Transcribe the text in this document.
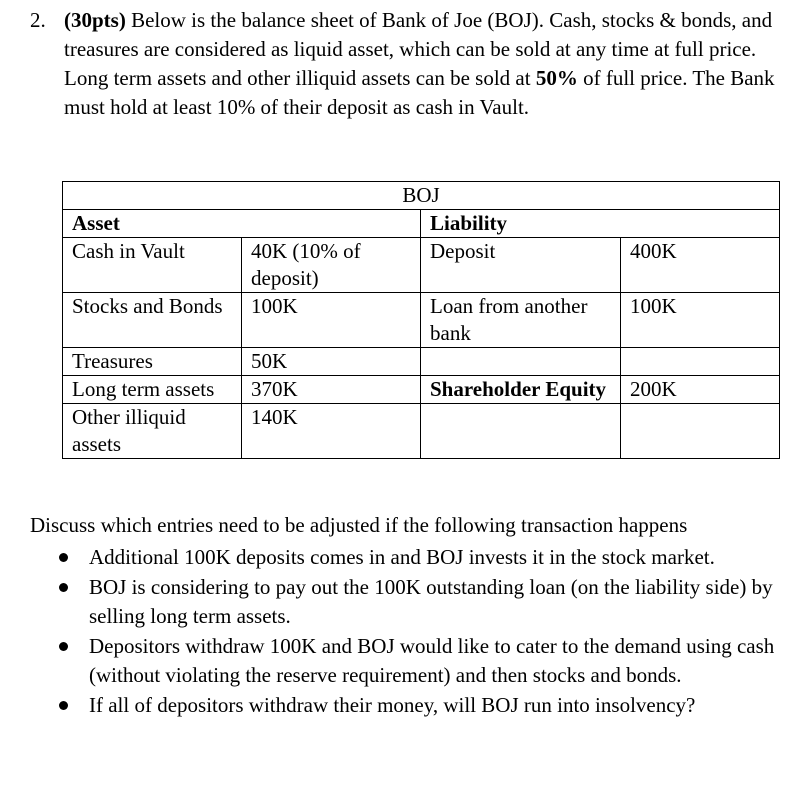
2. (30pts) Below is the balance sheet of Bank of Joe (BOJ). Cash, stocks & bonds, and treasures are considered as liquid asset, which can be sold at any time at full price. Long term assets and other illiquid assets can be sold at 50% of full price. The Bank must hold at least 10% of their deposit as cash in Vault.
BOJ			
Asset		Liability	
Cash in Vault	40K (10% of deposit)	Deposit	400K
Stocks and Bonds	100K	Loan from another bank	100K
Treasures	50K		
Long term assets	370K	Shareholder Equity	200K
Other illiquid assets	140K		
Discuss which entries need to be adjusted if the following transaction happens
Additional 100K deposits comes in and BOJ invests it in the stock market.
BOJ is considering to pay out the 100K outstanding loan (on the liability side) by selling long term assets.
Depositors withdraw 100K and BOJ would like to cater to the demand using cash (without violating the reserve requirement) and then stocks and bonds.
If all of depositors withdraw their money, will BOJ run into insolvency?
